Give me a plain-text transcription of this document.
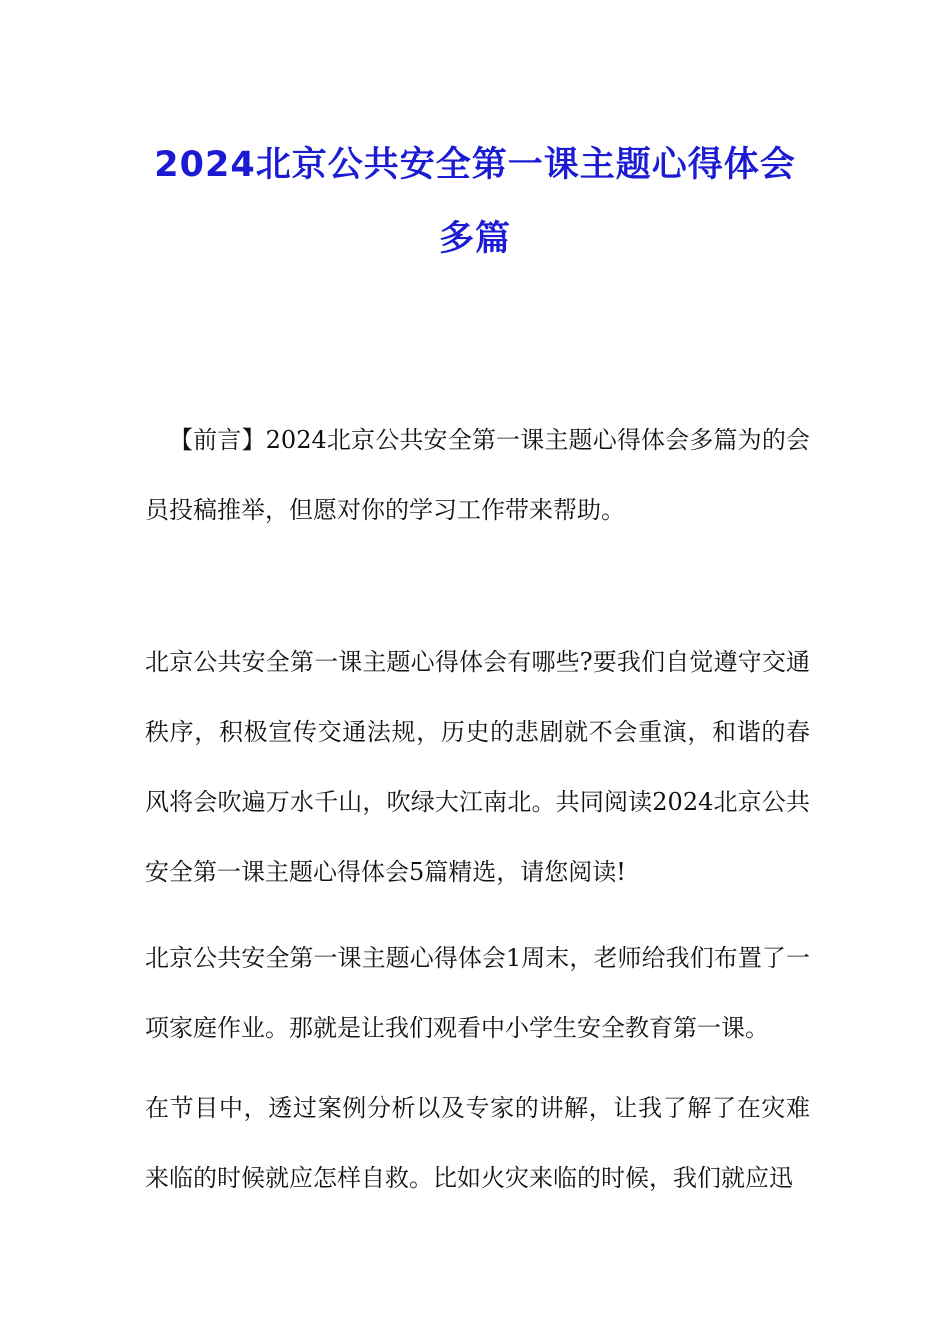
2024北京公共安全第一课主题心得体会多篇
【前言】2024北京公共安全第一课主题心得体会多篇为的会员投稿推举，但愿对你的学习工作带来帮助。
北京公共安全第一课主题心得体会有哪些?要我们自觉遵守交通秩序，积极宣传交通法规，历史的悲剧就不会重演，和谐的春风将会吹遍万水千山，吹绿大江南北。共同阅读2024北京公共安全第一课主题心得体会5篇精选，请您阅读!
北京公共安全第一课主题心得体会1周末，老师给我们布置了一项家庭作业。那就是让我们观看中小学生安全教育第一课。
在节目中，透过案例分析以及专家的讲解，让我了解了在灾难来临的时候就应怎样自救。比如火灾来临的时候，我们就应迅
